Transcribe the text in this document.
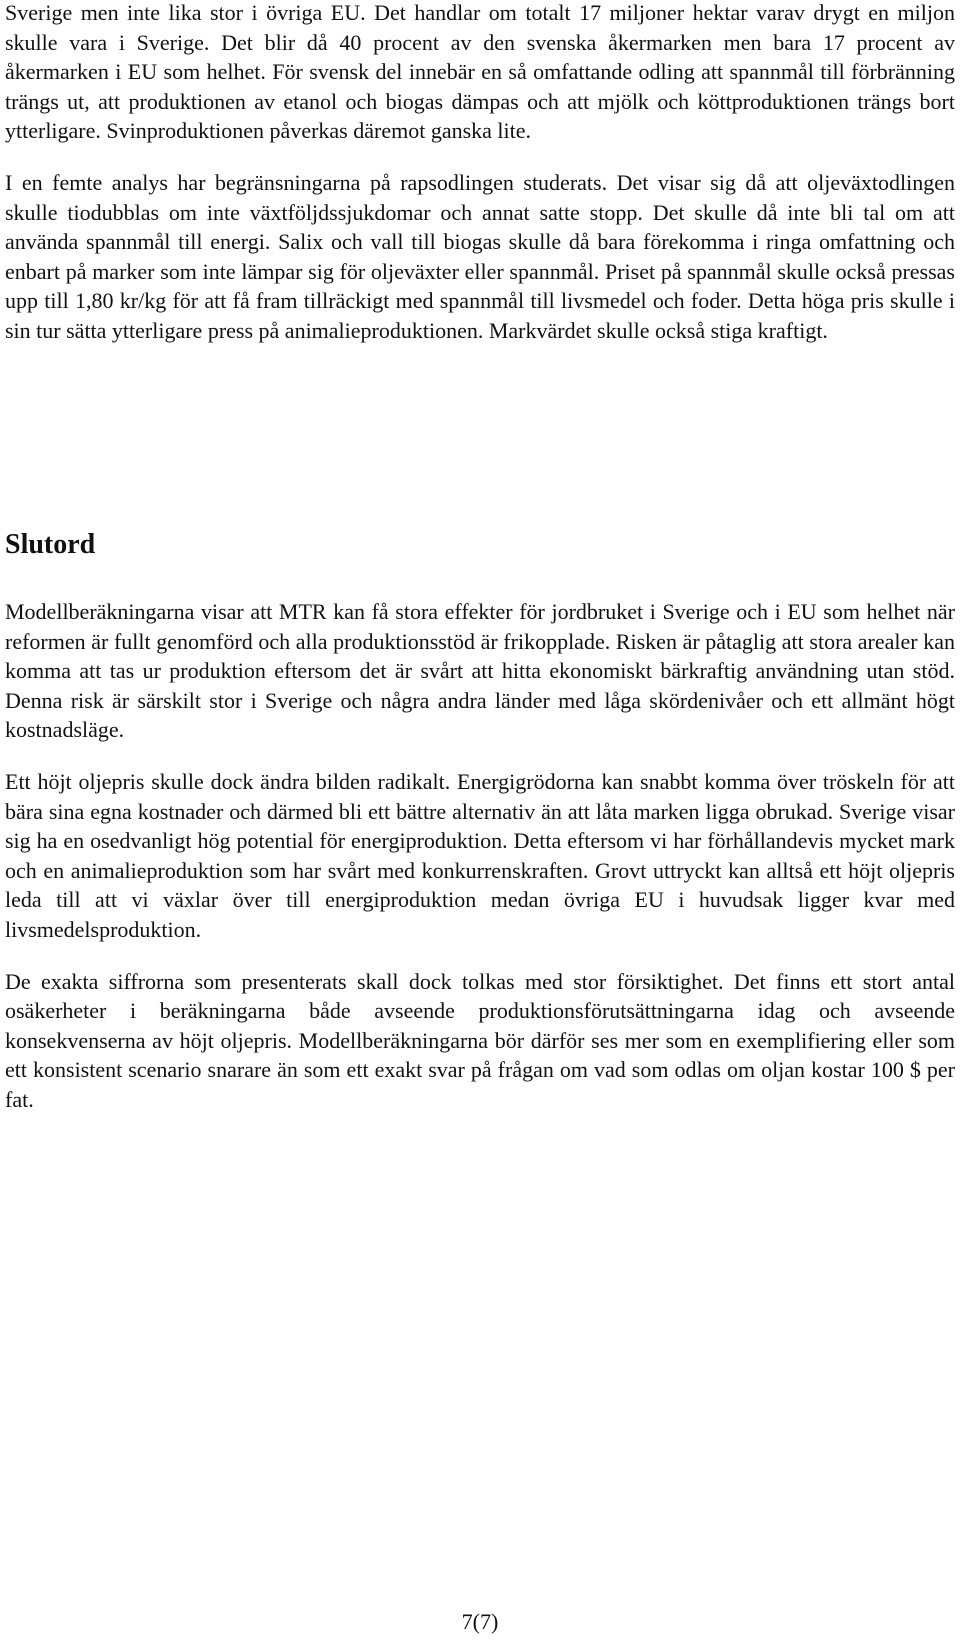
Sverige men inte lika stor i övriga EU. Det handlar om totalt 17 miljoner hektar varav drygt en miljon skulle vara i Sverige. Det blir då 40 procent av den svenska åkermarken men bara 17 procent av åkermarken i EU som helhet. För svensk del innebär en så omfattande odling att spannmål till förbränning trängs ut, att produktionen av etanol och biogas dämpas och att mjölk och köttproduktionen trängs bort ytterligare. Svinproduktionen påverkas däremot ganska lite.

I en femte analys har begränsningarna på rapsodlingen studerats. Det visar sig då att oljeväxtodlingen skulle tiodubblas om inte växtföljdssjukdomar och annat satte stopp. Det skulle då inte bli tal om att använda spannmål till energi. Salix och vall till biogas skulle då bara förekomma i ringa omfattning och enbart på marker som inte lämpar sig för oljeväxter eller spannmål. Priset på spannmål skulle också pressas upp till 1,80 kr/kg för att få fram tillräckigt med spannmål till livsmedel och foder. Detta höga pris skulle i sin tur sätta ytterligare press på animalieproduktionen. Markvärdet skulle också stiga kraftigt.

Slutord

Modellberäkningarna visar att MTR kan få stora effekter för jordbruket i Sverige och i EU som helhet när reformen är fullt genomförd och alla produktionsstöd är frikopplade. Risken är påtaglig att stora arealer kan komma att tas ur produktion eftersom det är svårt att hitta ekonomiskt bärkraftig användning utan stöd. Denna risk är särskilt stor i Sverige och några andra länder med låga skördenivåer och ett allmänt högt kostnadsläge.

Ett höjt oljepris skulle dock ändra bilden radikalt. Energigrödorna kan snabbt komma över tröskeln för att bära sina egna kostnader och därmed bli ett bättre alternativ än att låta marken ligga obrukad. Sverige visar sig ha en osedvanligt hög potential för energiproduktion. Detta eftersom vi har förhållandevis mycket mark och en animalieproduktion som har svårt med konkurrenskraften. Grovt uttryckt kan alltså ett höjt oljepris leda till att vi växlar över till energiproduktion medan övriga EU i huvudsak ligger kvar med livsmedelsproduktion.

De exakta siffrorna som presenterats skall dock tolkas med stor försiktighet. Det finns ett stort antal osäkerheter i beräkningarna både avseende produktionsförutsättningarna idag och avseende konsekvenserna av höjt oljepris. Modellberäkningarna bör därför ses mer som en exemplifiering eller som ett konsistent scenario snarare än som ett exakt svar på frågan om vad som odlas om oljan kostar 100 $ per fat.

7(7)
